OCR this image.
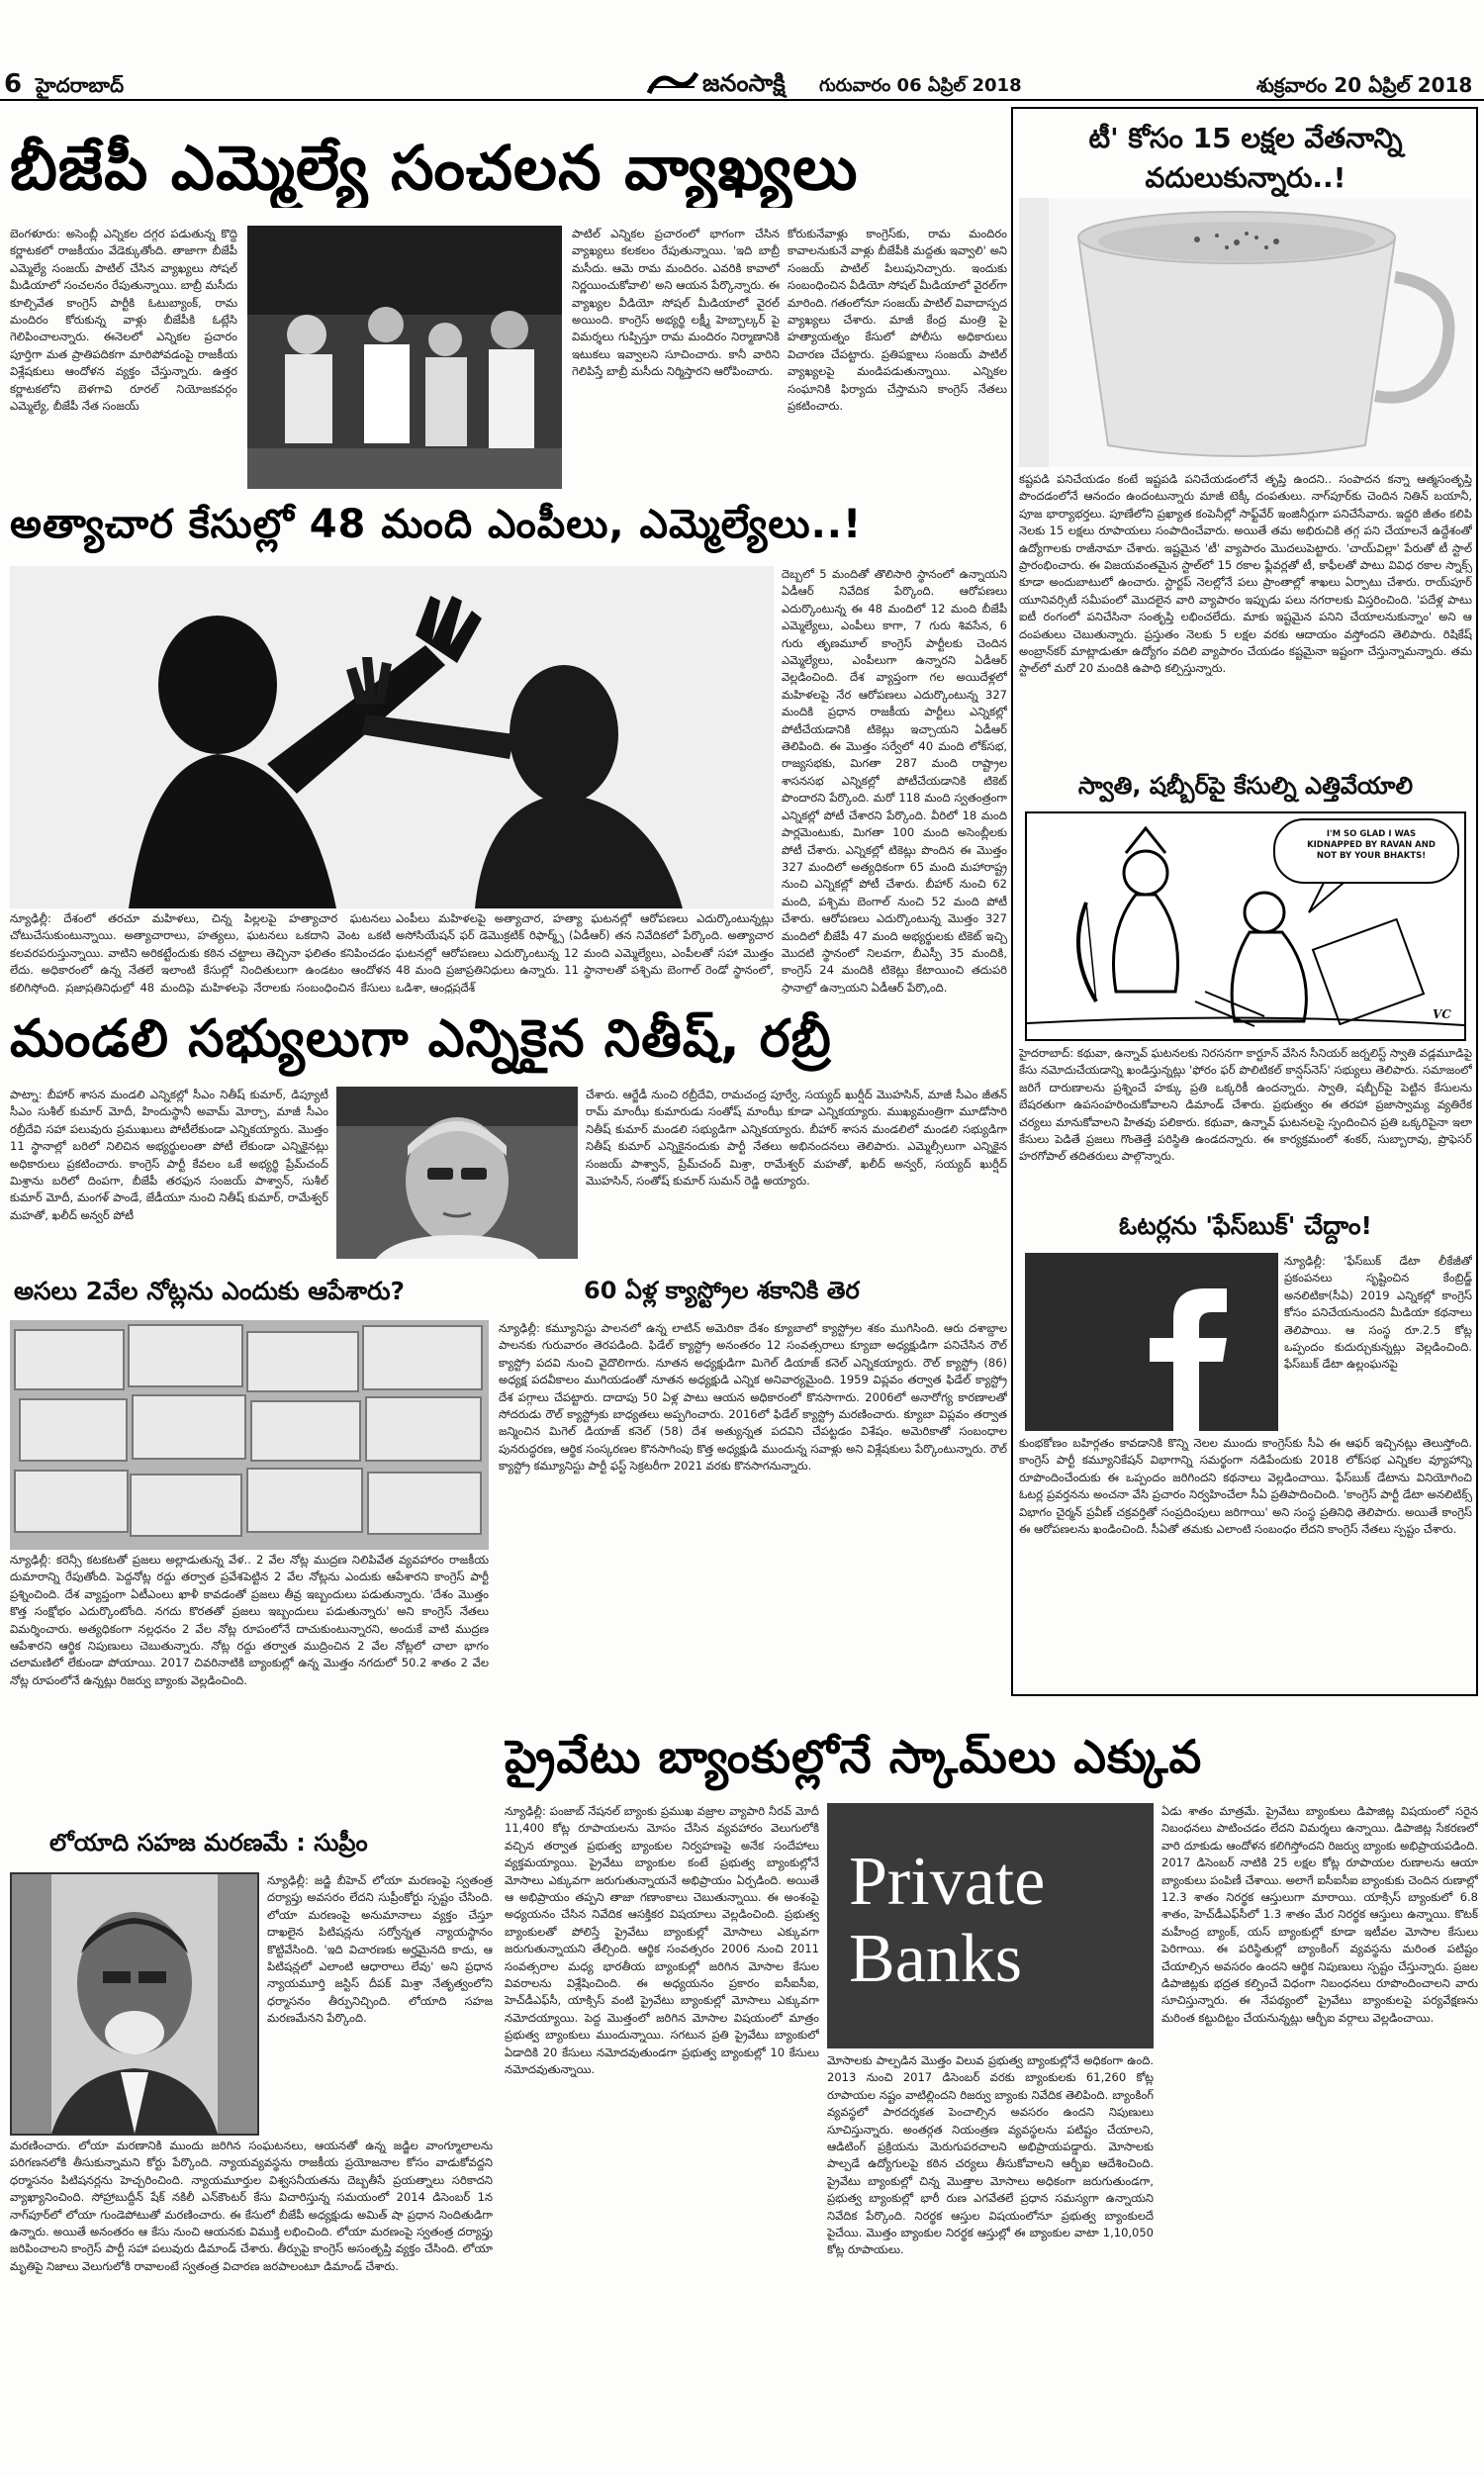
6 హైదరాబాద్	జనంసాక్షి గురువారం 06 ఏప్రిల్ 2018	శుక్రవారం 20 ఏప్రిల్ 2018
బీజేపీ ఎమ్మెల్యే సంచలన వ్యాఖ్యలు
బెంగళూరు: అసెంబ్లీ ఎన్నికల దగ్గర పడుతున్న కొద్ది కర్ణాటకలో రాజకీయం వేడెక్కుతోంది. తాజాగా బీజేపీ ఎమ్మెల్యే సంజయ్ పాటిల్ చేసిన వ్యాఖ్యలు సోషల్ మీడియాలో సంచలనం రేపుతున్నాయి. బాబ్రీ మసీదు కూల్చివేత కాంగ్రెస్ పార్టీకి ఓటుబ్యాంక్, రామ మందిరం కోరుకున్న వాళ్లు బీజేపీకి ఓట్లేసి గెలిపించాలన్నారు. ఈనెలలో ఎన్నికల ప్రచారం పూర్తిగా మత ప్రాతిపదికగా మారిపోవడంపై రాజకీయ విశ్లేషకులు ఆందోళన వ్యక్తం చేస్తున్నారు. ఉత్తర కర్ణాటకలోని బెళగావి రూరల్ నియోజకవర్గం ఎమ్మెల్యే, బీజేపీ నేత సంజయ్
పాటిల్ ఎన్నికల ప్రచారంలో భాగంగా చేసిన వ్యాఖ్యలు కలకలం రేపుతున్నాయి. 'ఇది బాబ్రీ మసీదు. ఆమె రామ మందిరం. ఎవరికి కావాలో నిర్ణయించుకోవాలి' అని ఆయన పేర్కొన్నారు. ఈ వ్యాఖ్యల వీడియో సోషల్ మీడియాలో వైరల్ అయింది. కాంగ్రెస్ అభ్యర్థి లక్ష్మీ హెబ్బాల్కర్ పై విమర్శలు గుప్పిస్తూ రామ మందిరం నిర్మాణానికి ఇటుకలు ఇవ్వాలని సూచించారు. కానీ వారిని గెలిపిస్తే బాబ్రీ మసీదు నిర్మిస్తారని ఆరోపించారు.
కోరుకునేవాళ్లు కాంగ్రెస్‌కు, రామ మందిరం కావాలనుకునే వాళ్లు బీజేపీకి మద్దతు ఇవ్వాలి' అని సంజయ్ పాటిల్ పిలుపునిచ్చారు. ఇందుకు సంబంధించిన వీడియో సోషల్ మీడియాలో వైరల్‌గా మారింది. గతంలోనూ సంజయ్ పాటిల్ వివాదాస్పద వ్యాఖ్యలు చేశారు. మాజీ కేంద్ర మంత్రి పై హత్యాయత్నం కేసులో పోలీసు అధికారులు విచారణ చేపట్టారు. ప్రతిపక్షాలు సంజయ్ పాటిల్ వ్యాఖ్యలపై మండిపడుతున్నాయి. ఎన్నికల సంఘానికి ఫిర్యాదు చేస్తామని కాంగ్రెస్ నేతలు ప్రకటించారు.
అత్యాచార కేసుల్లో 48 మంది ఎంపీలు, ఎమ్మెల్యేలు..!
న్యూఢిల్లీ: దేశంలో తరచూ మహిళలు, చిన్న పిల్లలపై హత్యాచార ఘటనలు చోటుచేసుకుంటున్నాయి. అత్యాచారాలు, హత్యలు, ఘటనలు ఒకదాని వెంట ఒకటి కలవరపరుస్తున్నాయి. వాటిని అరికట్టేందుకు కఠిన చట్టాలు తెచ్చినా ఫలితం కనిపించడం లేదు. అధికారంలో ఉన్న నేతలే ఇలాంటి కేసుల్లో నిందితులుగా ఉండటం ఆందోళన కలిగిస్తోంది. ప్రజాప్రతినిధుల్లో 48 మందిపై మహిళలపై నేరాలకు సంబంధించిన కేసులు
ఎంపీలు మహిళలపై అత్యాచార, హత్యా ఘటనల్లో ఆరోపణలు ఎదుర్కొంటున్నట్లు అసోసియేషన్ ఫర్ డెమొక్రటిక్ రిఫార్మ్స్ (ఏడీఆర్) తన నివేదికలో పేర్కొంది. అత్యాచార ఘటనల్లో ఆరోపణలు ఎదుర్కొంటున్న 12 మంది ఎమ్మెల్యేలు, ఎంపీలతో సహా మొత్తం 48 మంది ప్రజాప్రతినిధులు ఉన్నారు. 11 స్థానాలతో పశ్చిమ బెంగాల్ రెండో స్థానంలో, ఒడిశా, ఆంధ్రప్రదేశ్
దెబ్బలో 5 మందితో తొలిసారి స్థానంలో ఉన్నాయని ఏడీఆర్ నివేదిక పేర్కొంది. ఆరోపణలు ఎదుర్కొంటున్న ఈ 48 మందిలో 12 మంది బీజేపీ ఎమ్మెల్యేలు, ఎంపీలు కాగా, 7 గురు శివసేన, 6 గురు తృణమూల్ కాంగ్రెస్ పార్టీలకు చెందిన ఎమ్మెల్యేలు, ఎంపీలుగా ఉన్నారని ఏడీఆర్ వెల్లడించింది. దేశ వ్యాప్తంగా గల అయిదేళ్లలో మహిళలపై నేర ఆరోపణలు ఎదుర్కొంటున్న 327 మందికి ప్రధాన రాజకీయ పార్టీలు ఎన్నికల్లో పోటీచేయడానికి టికెట్లు ఇచ్చాయని ఏడీఆర్ తెలిపింది. ఈ మొత్తం సర్వేలో 40 మంది లోక్‌సభ, రాజ్యసభకు, మిగతా 287 మంది రాష్ట్రాల శాసనసభ ఎన్నికల్లో పోటీచేయడానికి టికెట్ పొందారని పేర్కొంది. మరో 118 మంది స్వతంత్రంగా ఎన్నికల్లో పోటీ చేశారని పేర్కొంది. వీరిలో 18 మంది పార్లమెంటుకు, మిగతా 100 మంది అసెంబ్లీలకు పోటీ చేశారు. ఎన్నికల్లో టికెట్లు పొందిన ఈ మొత్తం 327 మందిలో అత్యధికంగా 65 మంది మహారాష్ట్ర నుంచి ఎన్నికల్లో పోటీ చేశారు. బీహార్ నుంచి 62 మంది, పశ్చిమ బెంగాల్ నుంచి 52 మంది పోటీ చేశారు. ఆరోపణలు ఎదుర్కొంటున్న మొత్తం 327 మందిలో బీజేపీ 47 మంది అభ్యర్థులకు టికెట్ ఇచ్చి మొదటి స్థానంలో నిలవగా, బీఎస్పీ 35 మందికి, కాంగ్రెస్ 24 మందికి టికెట్లు కేటాయించి తదుపరి స్థానాల్లో ఉన్నాయని ఏడీఆర్ పేర్కొంది.
మండలి సభ్యులుగా ఎన్నికైన నితీష్, రబ్రీ
పాట్నా: బీహార్ శాసన మండలి ఎన్నికల్లో సీఎం నితీష్ కుమార్, డిప్యూటీ సీఎం సుశీల్ కుమార్ మోదీ, హిందుస్థానీ అవామ్ మోర్చా, మాజీ సీఎం రబ్రీదేవి సహా పలువురు ప్రముఖులు పోటీలేకుండా ఎన్నికయ్యారు. మొత్తం 11 స్థానాల్లో బరిలో నిలిచిన అభ్యర్థులంతా పోటీ లేకుండా ఎన్నికైనట్లు అధికారులు ప్రకటించారు. కాంగ్రెస్ పార్టీ కేవలం ఒకే అభ్యర్థి ప్రేమ్‌చంద్ మిశ్రాను బరిలో దింపగా, బీజేపీ తరఫున సంజయ్ పాశ్వాన్, సుశీల్ కుమార్ మోదీ, మంగళ్ పాండే, జేడీయూ నుంచి నితీష్ కుమార్, రామేశ్వర్ మహతో, ఖలీద్ అన్వర్ పోటీ
చేశారు. ఆర్జేడీ నుంచి రబ్రీదేవి, రామచంద్ర పూర్వే, సయ్యద్ ఖుర్షీద్ మొహసిన్, మాజీ సీఎం జీతన్ రామ్ మాంఝీ కుమారుడు సంతోష్ మాంఝీ కూడా ఎన్నికయ్యారు. ముఖ్యమంత్రిగా మూడోసారి నితీష్ కుమార్ మండలి సభ్యుడిగా ఎన్నికయ్యారు. బీహార్ శాసన మండలిలో మండలి సభ్యుడిగా నితీష్ కుమార్ ఎన్నికైనందుకు పార్టీ నేతలు అభినందనలు తెలిపారు. ఎమ్మెల్సీలుగా ఎన్నికైన సంజయ్ పాశ్వాన్, ప్రేమ్‌చంద్ మిశ్రా, రామేశ్వర్ మహతో, ఖలీద్ అన్వర్, సయ్యద్ ఖుర్షీద్ మొహసిన్, సంతోష్ కుమార్ సుమన్ రెడ్డి అయ్యారు.
అసలు 2వేల నోట్లను ఎందుకు ఆపేశారు?
న్యూఢిల్లీ: కరెన్సీ కటకటతో ప్రజలు అల్లాడుతున్న వేళ.. 2 వేల నోట్ల ముద్రణ నిలిపివేత వ్యవహారం రాజకీయ దుమారాన్ని రేపుతోంది. పెద్దనోట్ల రద్దు తర్వాత ప్రవేశపెట్టిన 2 వేల నోట్లను ఎందుకు ఆపేశారని కాంగ్రెస్ పార్టీ ప్రశ్నించింది. దేశ వ్యాప్తంగా ఏటీఎంలు ఖాళీ కావడంతో ప్రజలు తీవ్ర ఇబ్బందులు పడుతున్నారు. 'దేశం మొత్తం కొత్త సంక్షోభం ఎదుర్కొంటోంది. నగదు కొరతతో ప్రజలు ఇబ్బందులు పడుతున్నారు' అని కాంగ్రెస్ నేతలు విమర్శించారు. అత్యధికంగా నల్లధనం 2 వేల నోట్ల రూపంలోనే దాచుకుంటున్నారని, అందుకే వాటి ముద్రణ ఆపేశారని ఆర్థిక నిపుణులు చెబుతున్నారు. నోట్ల రద్దు తర్వాత ముద్రించిన 2 వేల నోట్లలో చాలా భాగం చలామణిలో లేకుండా పోయాయి. 2017 చివరినాటికి బ్యాంకుల్లో ఉన్న మొత్తం నగదులో 50.2 శాతం 2 వేల నోట్ల రూపంలోనే ఉన్నట్లు రిజర్వు బ్యాంకు వెల్లడించింది.
60 ఏళ్ల క్యాస్ట్రోల శకానికి తెర
న్యూఢిల్లీ: కమ్యూనిస్టు పాలనలో ఉన్న లాటిన్ అమెరికా దేశం క్యూబాలో క్యాస్ట్రోల శకం ముగిసింది. ఆరు దశాబ్దాల పాలనకు గురువారం తెరపడింది. ఫిడేల్ క్యాస్ట్రో అనంతరం 12 సంవత్సరాలు క్యూబా అధ్యక్షుడిగా పనిచేసిన రౌల్ క్యాస్ట్రో పదవి నుంచి వైదొలిగారు. నూతన అధ్యక్షుడిగా మిగెల్ డియాజ్ కనెల్ ఎన్నికయ్యారు. రౌల్ క్యాస్ట్రో (86) అధ్యక్ష పదవీకాలం ముగియడంతో నూతన అధ్యక్షుడి ఎన్నిక అనివార్యమైంది. 1959 విప్లవం తర్వాత ఫిడేల్ క్యాస్ట్రో దేశ పగ్గాలు చేపట్టారు. దాదాపు 50 ఏళ్ల పాటు ఆయన అధికారంలో కొనసాగారు. 2006లో అనారోగ్య కారణాలతో సోదరుడు రౌల్ క్యాస్ట్రోకు బాధ్యతలు అప్పగించారు. 2016లో ఫిడేల్ క్యాస్ట్రో మరణించారు. క్యూబా విప్లవం తర్వాత జన్మించిన మిగెల్ డియాజ్ కనెల్ (58) దేశ అత్యున్నత పదవిని చేపట్టడం విశేషం. అమెరికాతో సంబంధాల పునరుద్ధరణ, ఆర్థిక సంస్కరణల కొనసాగింపు కొత్త అధ్యక్షుడి ముందున్న సవాళ్లు అని విశ్లేషకులు పేర్కొంటున్నారు. రౌల్ క్యాస్ట్రో కమ్యూనిస్టు పార్టీ ఫస్ట్ సెక్రటరీగా 2021 వరకు కొనసాగనున్నారు.
లోయాది సహజ మరణమే : సుప్రీం
న్యూఢిల్లీ: జడ్జి బీహెచ్ లోయా మరణంపై స్వతంత్ర దర్యాప్తు అవసరం లేదని సుప్రీంకోర్టు స్పష్టం చేసింది. లోయా మరణంపై అనుమానాలు వ్యక్తం చేస్తూ దాఖలైన పిటిషన్లను సర్వోన్నత న్యాయస్థానం కొట్టివేసింది. 'ఇది విచారణకు అర్హమైనది కాదు, ఆ పిటిషన్లలో ఎలాంటి ఆధారాలు లేవు' అని ప్రధాన న్యాయమూర్తి జస్టిస్ దీపక్ మిశ్రా నేతృత్వంలోని ధర్మాసనం తీర్పునిచ్చింది. లోయాది సహజ మరణమేనని పేర్కొంది.
మరణించారు. లోయా మరణానికి ముందు జరిగిన సంఘటనలు, ఆయనతో ఉన్న జడ్జిల వాంగ్మూలాలను పరిగణనలోకి తీసుకున్నామని కోర్టు పేర్కొంది. న్యాయవ్యవస్థను రాజకీయ ప్రయోజనాల కోసం వాడుకోవద్దని ధర్మాసనం పిటిషనర్లను హెచ్చరించింది. న్యాయమూర్తుల విశ్వసనీయతను దెబ్బతీసే ప్రయత్నాలు సరికాదని వ్యాఖ్యానించింది. సోహ్రాబుద్దీన్ షేక్ నకిలీ ఎన్‌కౌంటర్ కేసు విచారిస్తున్న సమయంలో 2014 డిసెంబర్ 1న నాగ్‌పూర్‌లో లోయా గుండెపోటుతో మరణించారు. ఈ కేసులో బీజేపీ అధ్యక్షుడు అమిత్ షా ప్రధాన నిందితుడిగా ఉన్నారు. అయితే అనంతరం ఆ కేసు నుంచి ఆయనకు విముక్తి లభించింది. లోయా మరణంపై స్వతంత్ర దర్యాప్తు జరిపించాలని కాంగ్రెస్ పార్టీ సహా పలువురు డిమాండ్ చేశారు. తీర్పుపై కాంగ్రెస్ అసంతృప్తి వ్యక్తం చేసింది. లోయా మృతిపై నిజాలు వెలుగులోకి రావాలంటే స్వతంత్ర విచారణ జరపాలంటూ డిమాండ్ చేశారు.
టీ' కోసం 15 లక్షల వేతనాన్ని
వదులుకున్నారు..!
కష్టపడి పనిచేయడం కంటే ఇష్టపడి పనిచేయడంలోనే తృప్తి ఉందని.. సంపాదన కన్నా ఆత్మసంతృప్తి పొందడంలోనే ఆనందం ఉందంటున్నారు మాజీ టెక్కీ దంపతులు. నాగ్‌పూర్‌కు చెందిన నితిన్ బయానీ, పూజ భార్యాభర్తలు. పూణేలోని ప్రఖ్యాత కంపెనీల్లో సాఫ్ట్‌వేర్ ఇంజినీర్లుగా పనిచేసేవారు. ఇద్దరి జీతం కలిపి నెలకు 15 లక్షలు రూపాయలు సంపాదించేవారు. అయితే తమ అభిరుచికి తగ్గ పని చేయాలనే ఉద్దేశంతో ఉద్యోగాలకు రాజీనామా చేశారు. ఇష్టమైన 'టీ' వ్యాపారం మొదలుపెట్టారు. 'చాయ్‌విల్లా' పేరుతో టీ స్టాల్ ప్రారంభించారు. ఈ విజయవంతమైన స్టాల్‌లో 15 రకాల ఫ్లేవర్లతో టీ, కాఫీలతో పాటు వివిధ రకాల స్నాక్స్ కూడా అందుబాటులో ఉంచారు. స్టార్టప్ నెలల్లోనే పలు ప్రాంతాల్లో శాఖలు ఏర్పాటు చేశారు. రాయ్‌పూర్ యూనివర్సిటీ సమీపంలో మొదలైన వారి వ్యాపారం ఇప్పుడు పలు నగరాలకు విస్తరించింది. 'పదేళ్ల పాటు ఐటీ రంగంలో పనిచేసినా సంతృప్తి లభించలేదు. మాకు ఇష్టమైన పనిని చేయాలనుకున్నాం' అని ఆ దంపతులు చెబుతున్నారు. ప్రస్తుతం నెలకు 5 లక్షల వరకు ఆదాయం వస్తోందని తెలిపారు. రిషికేష్ అంబ్రాన్‌కర్ మాట్లాడుతూ ఉద్యోగం వదిలి వ్యాపారం చేయడం కష్టమైనా ఇష్టంగా చేస్తున్నామన్నారు. తమ స్టాల్‌లో మరో 20 మందికి ఉపాధి కల్పిస్తున్నారు.
స్వాతి, షబ్బీర్‌పై కేసుల్ని ఎత్తివేయాలి
I'M SO GLAD I WAS KIDNAPPED BY RAVAN AND NOT BY YOUR BHAKTS!
VC
హైదరాబాద్: కథువా, ఉన్నావ్ ఘటనలకు నిరసనగా కార్టూన్ వేసిన సీనియర్ జర్నలిస్ట్ స్వాతి వడ్లమూడిపై కేసు నమోదుచేయడాన్ని ఖండిస్తున్నట్లు 'ఫోరం ఫర్ పొలిటికల్ కాన్షస్‌నెస్' సభ్యులు తెలిపారు. సమాజంలో జరిగే దారుణాలను ప్రశ్నించే హక్కు ప్రతి ఒక్కరికీ ఉందన్నారు. స్వాతి, షబ్బీర్‌పై పెట్టిన కేసులను బేషరతుగా ఉపసంహరించుకోవాలని డిమాండ్ చేశారు. ప్రభుత్వం ఈ తరహా ప్రజాస్వామ్య వ్యతిరేక చర్యలు మానుకోవాలని హితవు పలికారు. కథువా, ఉన్నావ్ ఘటనలపై స్పందించిన ప్రతి ఒక్కరిపైనా ఇలా కేసులు పెడితే ప్రజలు గొంతెత్తే పరిస్థితి ఉండదన్నారు. ఈ కార్యక్రమంలో శంకర్, సుబ్బారావు, ప్రొఫెసర్ హరగోపాల్ తదితరులు పాల్గొన్నారు.
ఓటర్లను 'ఫేస్‌బుక్' చేద్దాం!
న్యూఢిల్లీ: 'ఫేస్‌బుక్ డేటా లీకేజీతో ప్రకంపనలు సృష్టించిన కేంబ్రిడ్జ్ అనలిటికా(సీఏ) 2019 ఎన్నికల్లో కాంగ్రెస్ కోసం పనిచేయనుందని మీడియా కథనాలు తెలిపాయి. ఆ సంస్థ రూ.2.5 కోట్ల ఒప్పందం కుదుర్చుకున్నట్లు వెల్లడించింది. ఫేస్‌బుక్ డేటా ఉల్లంఘనపై
కుంభకోణం బహిర్గతం కావడానికి కొన్ని నెలల ముందు కాంగ్రెస్‌కు సీఏ ఈ ఆఫర్ ఇచ్చినట్లు తెలుస్తోంది. కాంగ్రెస్ పార్టీ కమ్యూనికేషన్ విభాగాన్ని సమర్థంగా నడిపేందుకు 2018 లోక్‌సభ ఎన్నికల వ్యూహాన్ని రూపొందించేందుకు ఈ ఒప్పందం జరిగిందని కథనాలు వెల్లడించాయి. ఫేస్‌బుక్ డేటాను వినియోగించి ఓటర్ల ప్రవర్తనను అంచనా వేసి ప్రచారం నిర్వహించేలా సీఏ ప్రతిపాదించింది. 'కాంగ్రెస్ పార్టీ డేటా అనలిటిక్స్ విభాగం చైర్మన్ ప్రవీణ్ చక్రవర్తితో సంప్రదింపులు జరిగాయి' అని సంస్థ ప్రతినిధి తెలిపారు. అయితే కాంగ్రెస్ ఈ ఆరోపణలను ఖండించింది. సీఏతో తమకు ఎలాంటి సంబంధం లేదని కాంగ్రెస్ నేతలు స్పష్టం చేశారు.
ప్రైవేటు బ్యాంకుల్లోనే స్కామ్‌లు ఎక్కువ
న్యూఢిల్లీ: పంజాబ్ నేషనల్ బ్యాంకు ప్రముఖ వజ్రాల వ్యాపారి నీరవ్ మోదీ 11,400 కోట్ల రూపాయలను మోసం చేసిన వ్యవహారం వెలుగులోకి వచ్చిన తర్వాత ప్రభుత్వ బ్యాంకుల నిర్వహణపై అనేక సందేహాలు వ్యక్తమయ్యాయి. ప్రైవేటు బ్యాంకుల కంటే ప్రభుత్వ బ్యాంకుల్లోనే మోసాలు ఎక్కువగా జరుగుతున్నాయనే అభిప్రాయం ఏర్పడింది. అయితే ఆ అభిప్రాయం తప్పని తాజా గణాంకాలు చెబుతున్నాయి. ఈ అంశంపై అధ్యయనం చేసిన నివేదిక ఆసక్తికర విషయాలు వెల్లడించింది. ప్రభుత్వ బ్యాంకులతో పోలిస్తే ప్రైవేటు బ్యాంకుల్లో మోసాలు ఎక్కువగా జరుగుతున్నాయని తేల్చింది. ఆర్థిక సంవత్సరం 2006 నుంచి 2011 సంవత్సరాల మధ్య భారతీయ బ్యాంకుల్లో జరిగిన మోసాల కేసుల వివరాలను విశ్లేషించింది. ఈ అధ్యయనం ప్రకారం ఐసీఐసీఐ, హెచ్‌డీఎఫ్‌సీ, యాక్సిస్ వంటి ప్రైవేటు బ్యాంకుల్లో మోసాలు ఎక్కువగా నమోదయ్యాయి. పెద్ద మొత్తంలో జరిగిన మోసాల విషయంలో మాత్రం ప్రభుత్వ బ్యాంకులు ముందున్నాయి. సగటున ప్రతి ప్రైవేటు బ్యాంకులో ఏడాదికి 20 కేసులు నమోదవుతుండగా ప్రభుత్వ బ్యాంకుల్లో 10 కేసులు నమోదవుతున్నాయి.
Private
Banks
మోసాలకు పాల్పడిన మొత్తం విలువ ప్రభుత్వ బ్యాంకుల్లోనే అధికంగా ఉంది. 2013 నుంచి 2017 డిసెంబర్ వరకు బ్యాంకులకు 61,260 కోట్ల రూపాయల నష్టం వాటిల్లిందని రిజర్వు బ్యాంకు నివేదిక తెలిపింది. బ్యాంకింగ్ వ్యవస్థలో పారదర్శకత పెంచాల్సిన అవసరం ఉందని నిపుణులు సూచిస్తున్నారు. అంతర్గత నియంత్రణ వ్యవస్థలను పటిష్టం చేయాలని, ఆడిటింగ్ ప్రక్రియను మెరుగుపరచాలని అభిప్రాయపడ్డారు. మోసాలకు పాల్పడే ఉద్యోగులపై కఠిన చర్యలు తీసుకోవాలని ఆర్బీఐ ఆదేశించింది. ప్రైవేటు బ్యాంకుల్లో చిన్న మొత్తాల మోసాలు అధికంగా జరుగుతుండగా, ప్రభుత్వ బ్యాంకుల్లో భారీ రుణ ఎగవేతలే ప్రధాన సమస్యగా ఉన్నాయని నివేదిక పేర్కొంది. నిరర్థక ఆస్తుల విషయంలోనూ ప్రభుత్వ బ్యాంకులదే పైచేయి. మొత్తం బ్యాంకుల నిరర్థక ఆస్తుల్లో ఈ బ్యాంకుల వాటా 1,10,050 కోట్ల రూపాయలు.
ఏడు శాతం మాత్రమే. ప్రైవేటు బ్యాంకులు డిపాజిట్ల విషయంలో సరైన నిబంధనలు పాటించడం లేదని విమర్శలు ఉన్నాయి. డిపాజిట్ల సేకరణలో వారి దూకుడు ఆందోళన కలిగిస్తోందని రిజర్వు బ్యాంకు అభిప్రాయపడింది. 2017 డిసెంబర్ నాటికి 25 లక్షల కోట్ల రూపాయల రుణాలను ఆయా బ్యాంకులు పంపిణీ చేశాయి. అలాగే ఐసీఐసీఐ బ్యాంకుకు చెందిన రుణాల్లో 12.3 శాతం నిరర్థక ఆస్తులుగా మారాయి. యాక్సిస్ బ్యాంకులో 6.8 శాతం, హెచ్‌డీఎఫ్‌సీలో 1.3 శాతం మేర నిరర్థక ఆస్తులు ఉన్నాయి. కొటక్ మహీంద్ర బ్యాంక్, యస్ బ్యాంకుల్లో కూడా ఇటీవల మోసాల కేసులు పెరిగాయి. ఈ పరిస్థితుల్లో బ్యాంకింగ్ వ్యవస్థను మరింత పటిష్టం చేయాల్సిన అవసరం ఉందని ఆర్థిక నిపుణులు స్పష్టం చేస్తున్నారు. ప్రజల డిపాజిట్లకు భద్రత కల్పించే విధంగా నిబంధనలు రూపొందించాలని వారు సూచిస్తున్నారు. ఈ నేపథ్యంలో ప్రైవేటు బ్యాంకులపై పర్యవేక్షణను మరింత కట్టుదిట్టం చేయనున్నట్లు ఆర్బీఐ వర్గాలు వెల్లడించాయి.
